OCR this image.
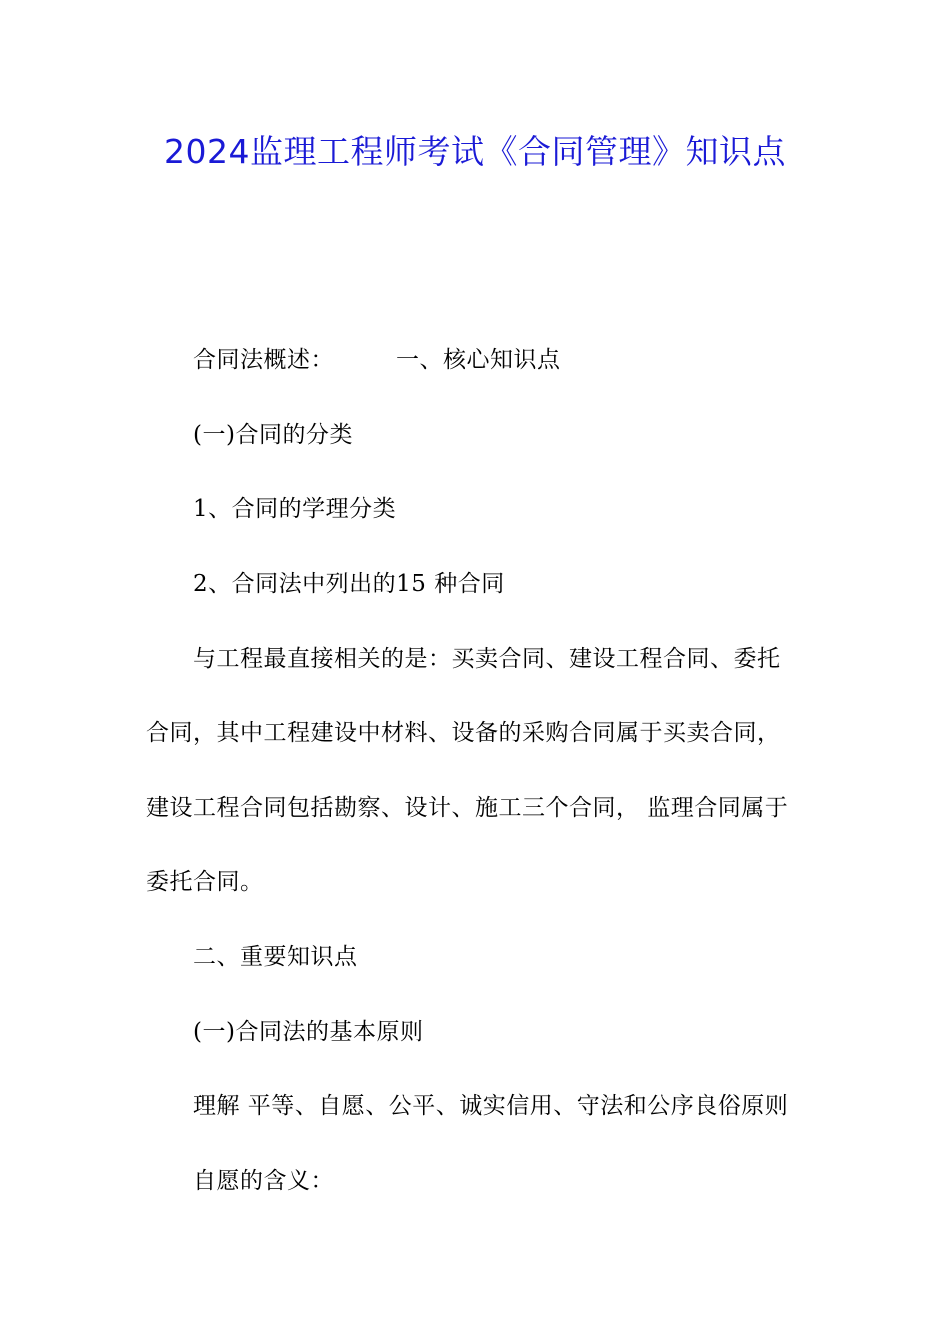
2024监理工程师考试《合同管理》知识点

合同法概述：	一、核心知识点

(一)合同的分类

1、合同的学理分类

2、合同法中列出的15 种合同

与工程最直接相关的是：买卖合同、建设工程合同、委托

合同，其中工程建设中材料、设备的采购合同属于买卖合同，

建设工程合同包括勘察、设计、施工三个合同， 监理合同属于

委托合同。

二、重要知识点

(一)合同法的基本原则

理解 平等、自愿、公平、诚实信用、守法和公序良俗原则

自愿的含义：
